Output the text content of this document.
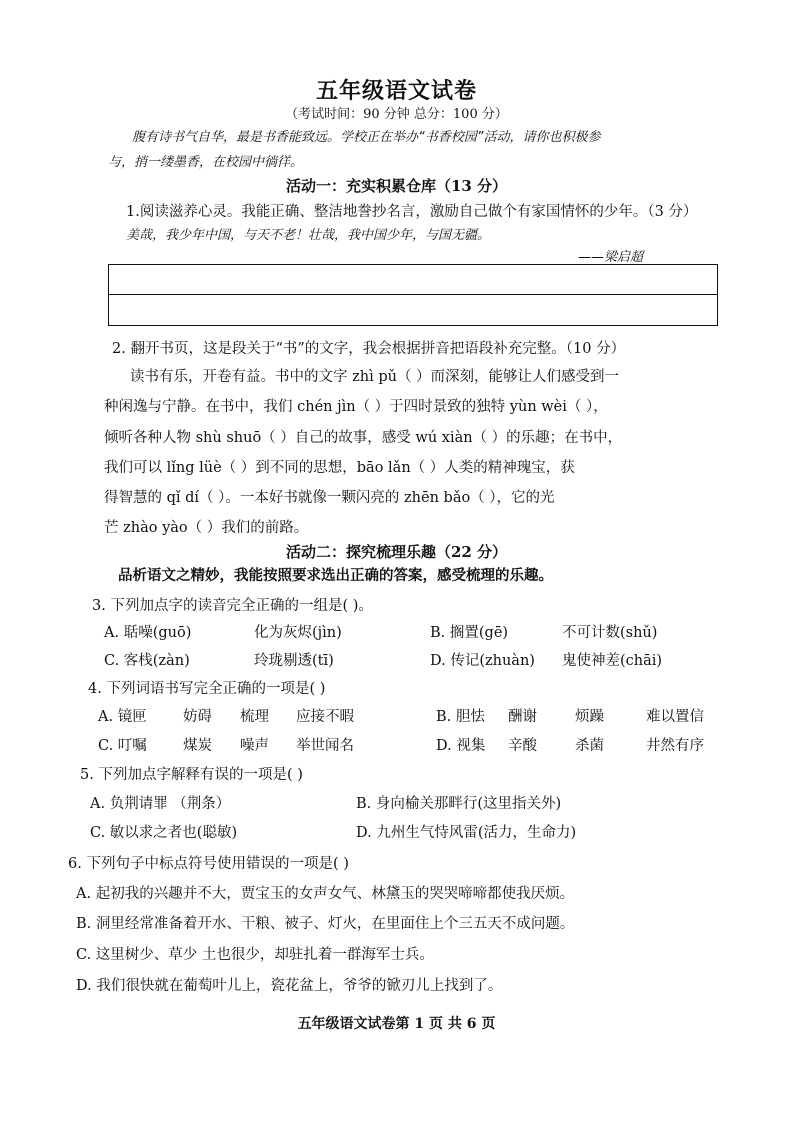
五年级语文试卷
（考试时间：90 分钟 总分：100 分）
腹有诗书气自华，最是书香能致远。学校正在举办“书香校园”活动，请你也积极参
与，捎一缕墨香，在校园中徜徉。
活动一：充实积累仓库（13 分）
1.阅读滋养心灵。我能正确、整洁地誊抄名言，激励自己做个有家国情怀的少年。（3 分）
美哉，我少年中国，与天不老！壮哉，我中国少年，与国无疆。
——梁启超
2. 翻开书页，这是段关于“书”的文字，我会根据拼音把语段补充完整。（10 分）
读书有乐，开卷有益。书中的文字 zhì pǔ（ ）而深刻，能够让人们感受到一
种闲逸与宁静。在书中，我们 chén jìn（ ）于四时景致的独特 yùn wèi（ ），
倾听各种人物 shù shuō（ ）自己的故事，感受 wú xiàn（ ）的乐趣；在书中，
我们可以 lǐng lüè（ ）到不同的思想，bāo lǎn（ ）人类的精神瑰宝，获
得智慧的 qǐ dí（ ）。一本好书就像一颗闪亮的 zhēn bǎo（ ），它的光
芒 zhào yào（ ）我们的前路。
活动二：探究梳理乐趣（22 分）
品析语文之精妙，我能按照要求选出正确的答案，感受梳理的乐趣。
3. 下列加点字的读音完全正确的一组是( )。
A. 聒噪(guō)	化为灰烬(jìn)	B. 搁置(gē)	不可计数(shǔ)
C. 客栈(zàn)	玲珑剔透(tī)	D. 传记(zhuàn) 鬼使神差(chāi)
4. 下列词语书写完全正确的一项是( )
A. 镜匣	妨碍 梳理 应接不暇	B. 胆怯 酬谢	烦躁	难以置信
C. 叮嘱 煤炭 噪声 举世闻名	D. 视集 辛酸	杀菌	井然有序
5. 下列加点字解释有误的一项是( )
A. 负荆请罪 （荆条）	B. 身向榆关那畔行(这里指关外)
C. 敏以求之者也(聪敏)	D. 九州生气恃风雷(活力，生命力)
6. 下列句子中标点符号使用错误的一项是( )
A. 起初我的兴趣并不大，贾宝玉的女声女气、林黛玉的哭哭啼啼都使我厌烦。
B. 洞里经常准备着开水、干粮、被子、灯火，在里面住上个三五天不成问题。
C. 这里树少、草少 土也很少，却驻扎着一群海军士兵。
D. 我们很快就在葡萄叶儿上，瓷花盆上，爷爷的锨刃儿上找到了。
五年级语文试卷第 1 页 共 6 页
